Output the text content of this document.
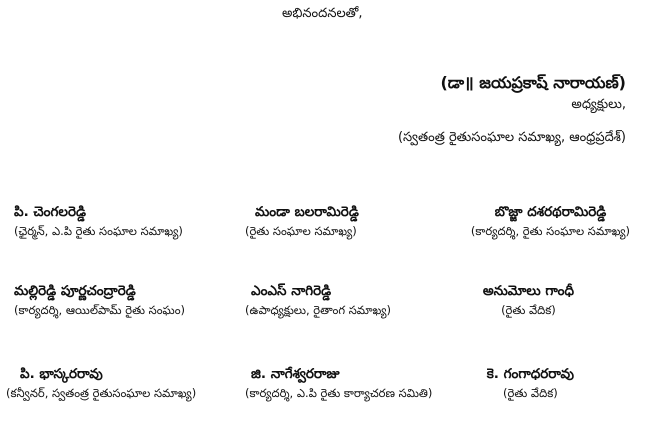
అభినందనలతో,
(డా॥ జయప్రకాష్ నారాయణ్)
అధ్యక్షులు,
(స్వతంత్ర రైతుసంఘాల సమాఖ్య, ఆంధ్రప్రదేశ్)
పి. చెంగలరెడ్డి
(ఛైర్మన్, ఎ.పి రైతు సంఘాల సమాఖ్య)
మండా బలరామిరెడ్డి
(రైతు సంఘాల సమాఖ్య)
బొజ్జా దశరథరామిరెడ్డి
(కార్యదర్శి, రైతు సంఘాల సమాఖ్య)
మల్లిరెడ్డి పూర్ణచంద్రారెడ్డి
(కార్యదర్శి, ఆయిల్‌పామ్ రైతు సంఘం)
ఎంఎస్ నాగిరెడ్డి
(ఉపాధ్యక్షులు, రైతాంగ సమాఖ్య)
అనుమోలు గాంధీ
(రైతు వేదిక)
పి. భాస్కరరావు
(కన్వీనర్, స్వతంత్ర రైతుసంఘాల సమాఖ్య)
జి. నాగేశ్వరరాజు
(కార్యదర్శి, ఎ.పి రైతు కార్యాచరణ సమితి)
కె. గంగాధరరావు
(రైతు వేదిక)
